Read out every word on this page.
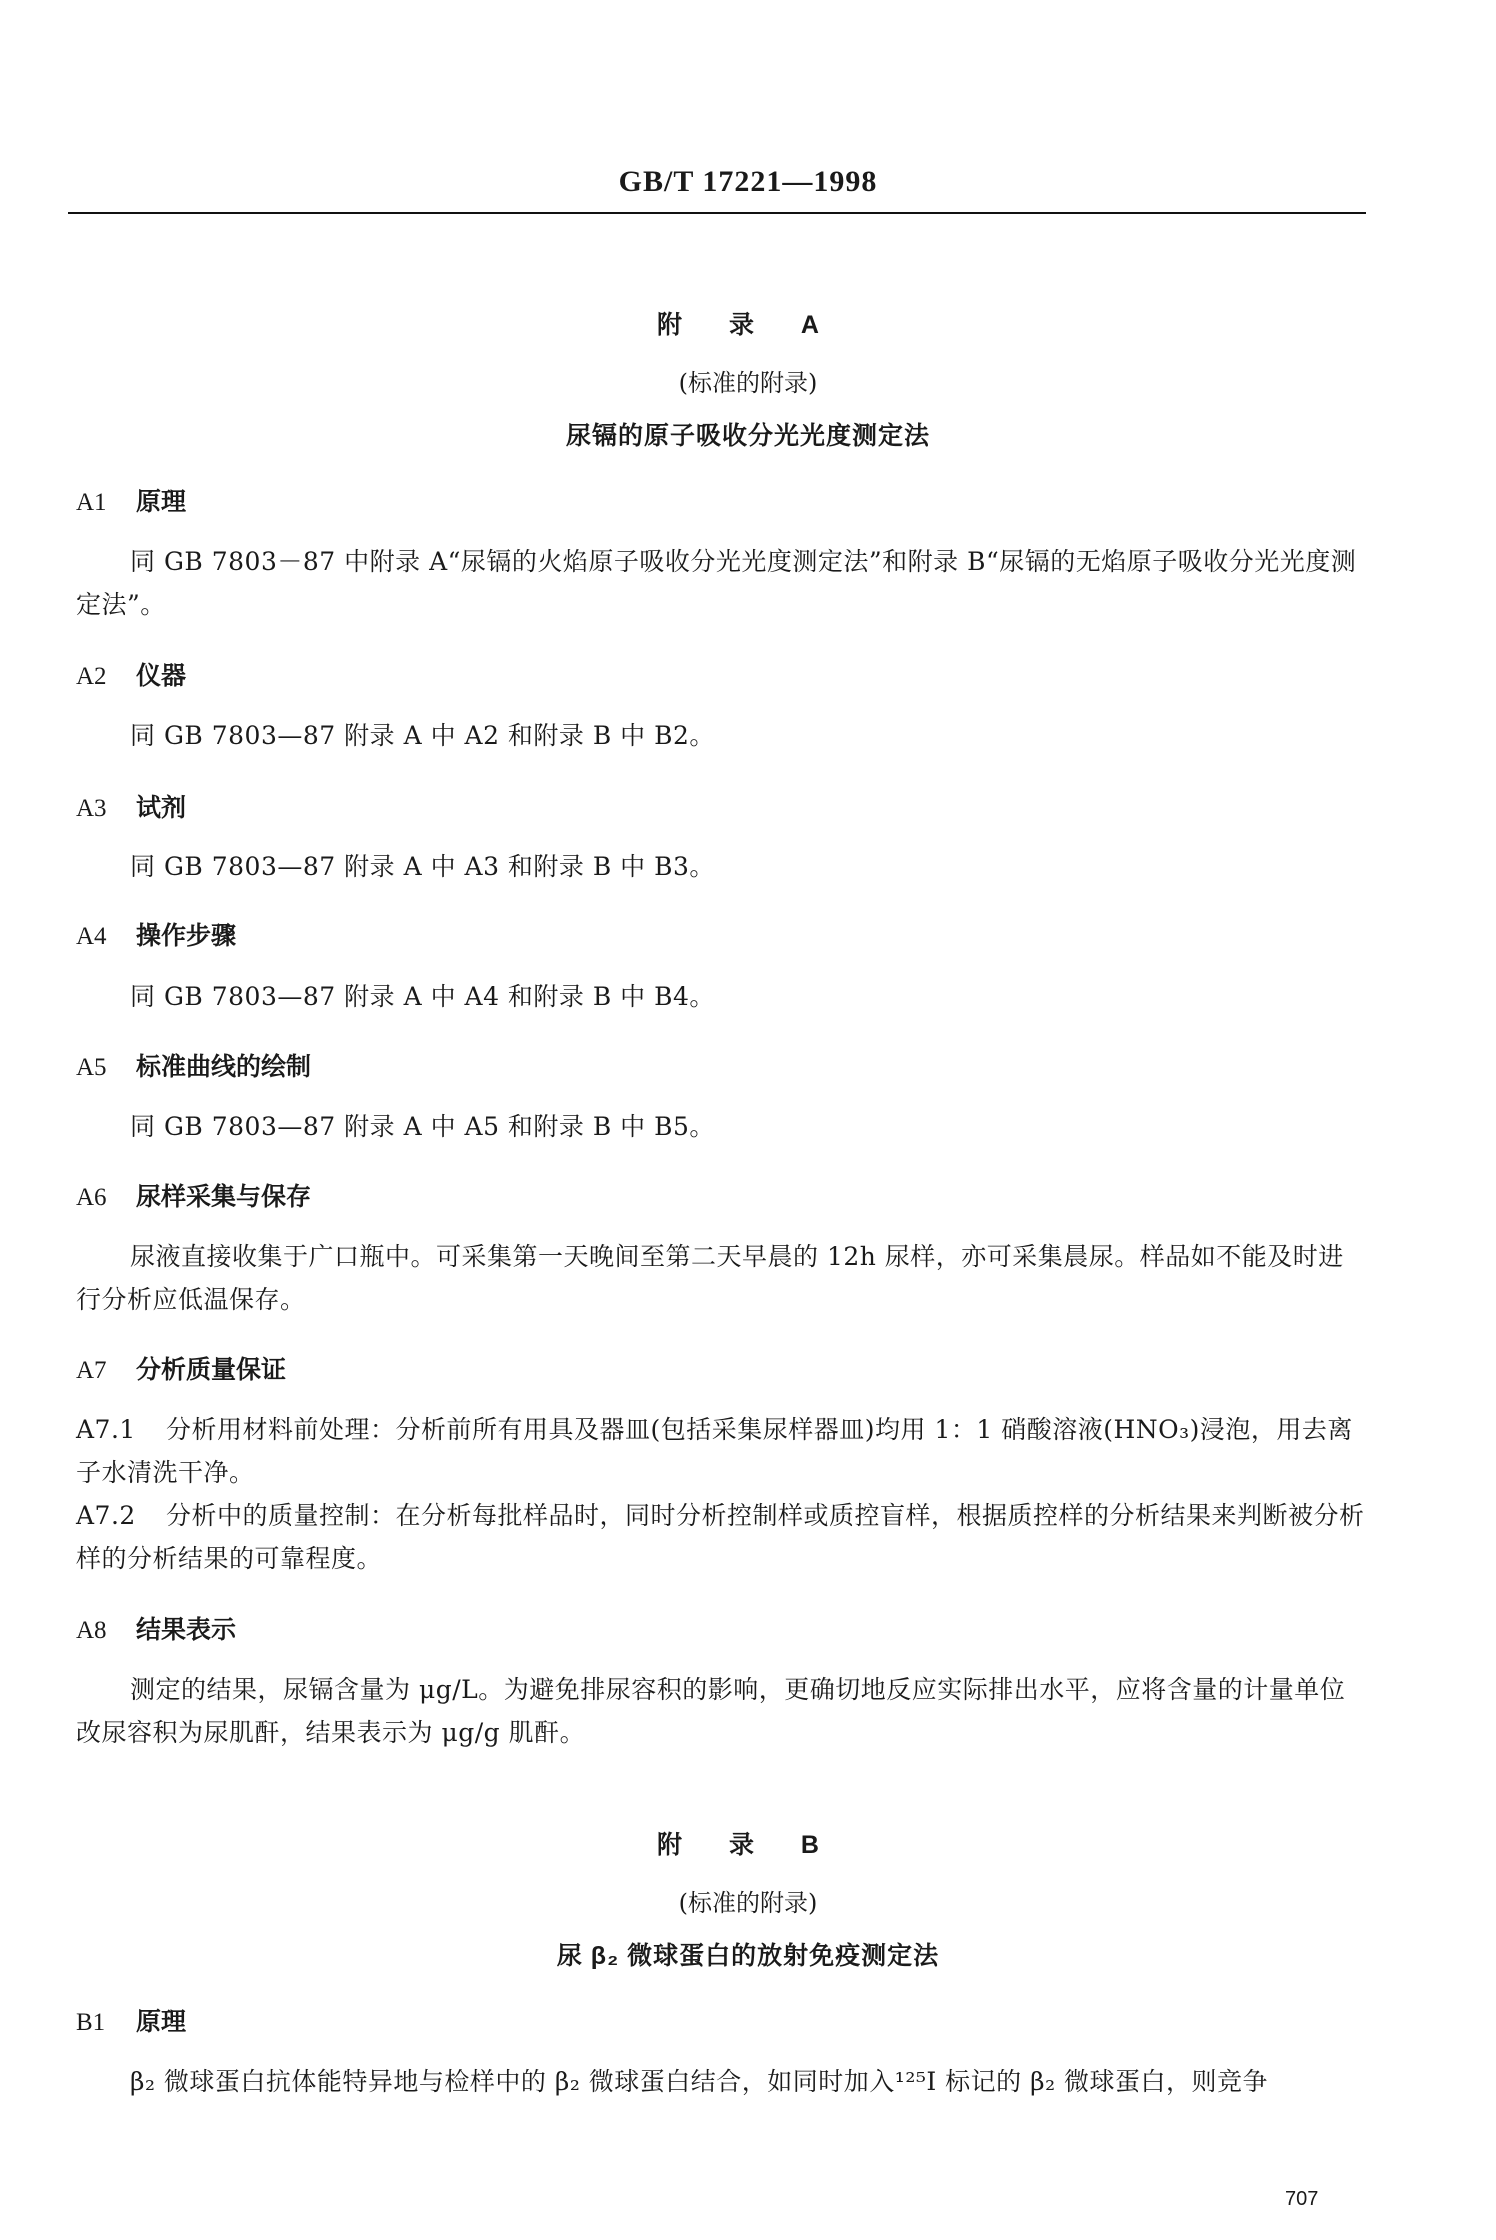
GB/T 17221—1998
附 录 A
(标准的附录)
尿镉的原子吸收分光光度测定法
A1 原理
同 GB 7803－87 中附录 A“尿镉的火焰原子吸收分光光度测定法”和附录 B“尿镉的无焰原子吸收分光光度测定法”。
A2 仪器
同 GB 7803—87 附录 A 中 A2 和附录 B 中 B2。
A3 试剂
同 GB 7803—87 附录 A 中 A3 和附录 B 中 B3。
A4 操作步骤
同 GB 7803—87 附录 A 中 A4 和附录 B 中 B4。
A5 标准曲线的绘制
同 GB 7803—87 附录 A 中 A5 和附录 B 中 B5。
A6 尿样采集与保存
尿液直接收集于广口瓶中。可采集第一天晚间至第二天早晨的 12h 尿样，亦可采集晨尿。样品如不能及时进行分析应低温保存。
A7 分析质量保证
A7.1 分析用材料前处理：分析前所有用具及器皿(包括采集尿样器皿)均用 1：1 硝酸溶液(HNO₃)浸泡，用去离子水清洗干净。
A7.2 分析中的质量控制：在分析每批样品时，同时分析控制样或质控盲样，根据质控样的分析结果来判断被分析样的分析结果的可靠程度。
A8 结果表示
测定的结果，尿镉含量为 μg/L。为避免排尿容积的影响，更确切地反应实际排出水平，应将含量的计量单位改尿容积为尿肌酐，结果表示为 μg/g 肌酐。
附 录 B
(标准的附录)
尿 β₂ 微球蛋白的放射免疫测定法
B1 原理
β₂ 微球蛋白抗体能特异地与检样中的 β₂ 微球蛋白结合，如同时加入¹²⁵I 标记的 β₂ 微球蛋白，则竞争
707
